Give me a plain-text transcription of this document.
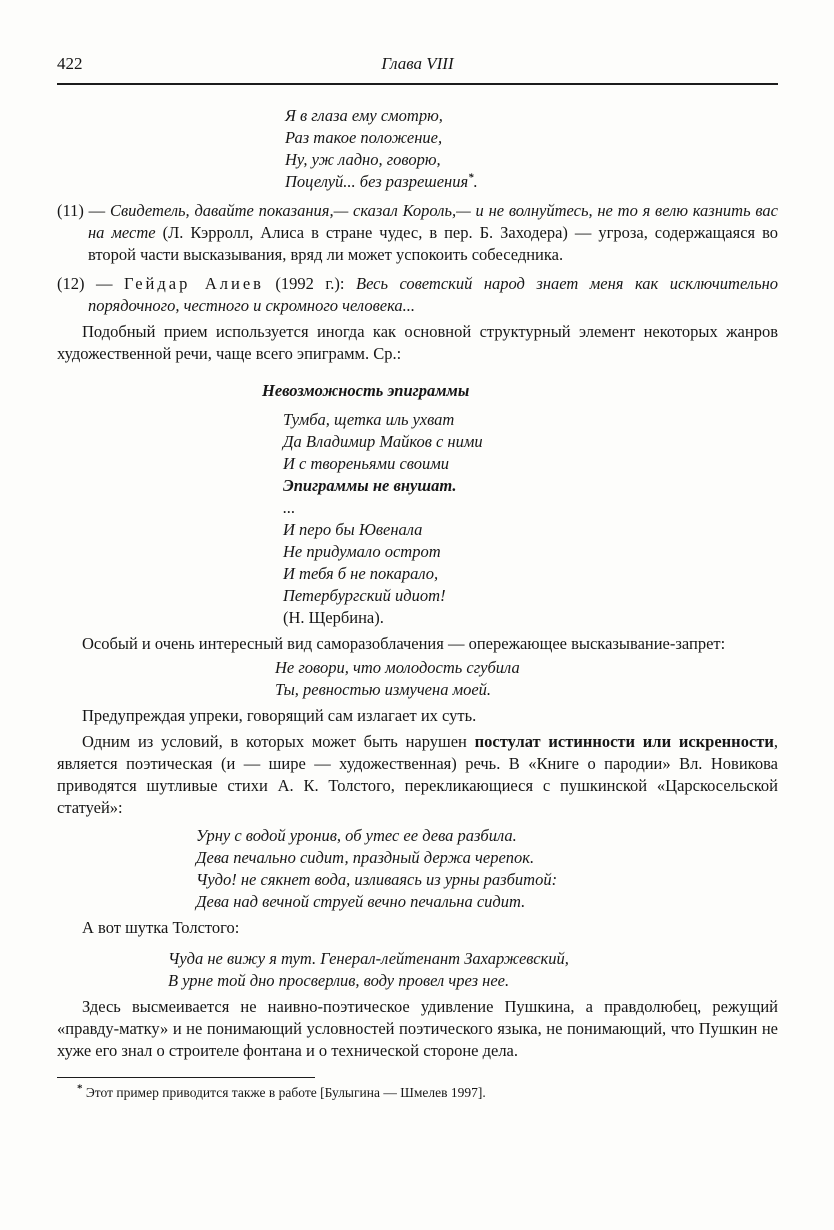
422	Глава VIII
Я в глаза ему смотрю,
Раз такое положение,
Ну, уж ладно, говорю,
Поцелуй... без разрешения*.
(11) — Свидетель, давайте показания,— сказал Король,— и не волнуйтесь, не то я велю казнить вас на месте (Л. Кэрролл, Алиса в стране чудес, в пер. Б. Заходера) — угроза, содержащаяся во второй части высказывания, вряд ли может успокоить собеседника.
(12) — Гейдар Алиев (1992 г.): Весь советский народ знает меня как исключительно порядочного, честного и скромного человека...

Подобный прием используется иногда как основной структурный элемент некоторых жанров художественной речи, чаще всего эпиграмм. Ср.:

Невозможность эпиграммы
Тумба, щетка иль ухват
Да Владимир Майков с ними
И с твореньями своими
Эпиграммы не внушат.
...
И перо бы Ювенала
Не придумало острот
И тебя б не покарало,
Петербургский идиот!
(Н. Щербина).

Особый и очень интересный вид саморазоблачения — опережающее высказывание-запрет:

Не говори, что молодость сгубила
Ты, ревностью измучена моей.

Предупреждая упреки, говорящий сам излагает их суть.

Одним из условий, в которых может быть нарушен постулат истинности или искренности, является поэтическая (и — шире — художественная) речь. В «Книге о пародии» Вл. Новикова приводятся шутливые стихи А. К. Толстого, перекликающиеся с пушкинской «Царскосельской статуей»:

Урну с водой уронив, об утес ее дева разбила.
Дева печально сидит, праздный держа черепок.
Чудо! не сякнет вода, изливаясь из урны разбитой:
Дева над вечной струей вечно печальна сидит.

А вот шутка Толстого:

Чуда не вижу я тут. Генерал-лейтенант Захаржевский,
В урне той дно просверлив, воду провел чрез нее.

Здесь высмеивается не наивно-поэтическое удивление Пушкина, а правдолюбец, режущий «правду-матку» и не понимающий условностей поэтического языка, не понимающий, что Пушкин не хуже его знал о строителе фонтана и о технической стороне дела.

* Этот пример приводится также в работе [Булыгина — Шмелев 1997].
